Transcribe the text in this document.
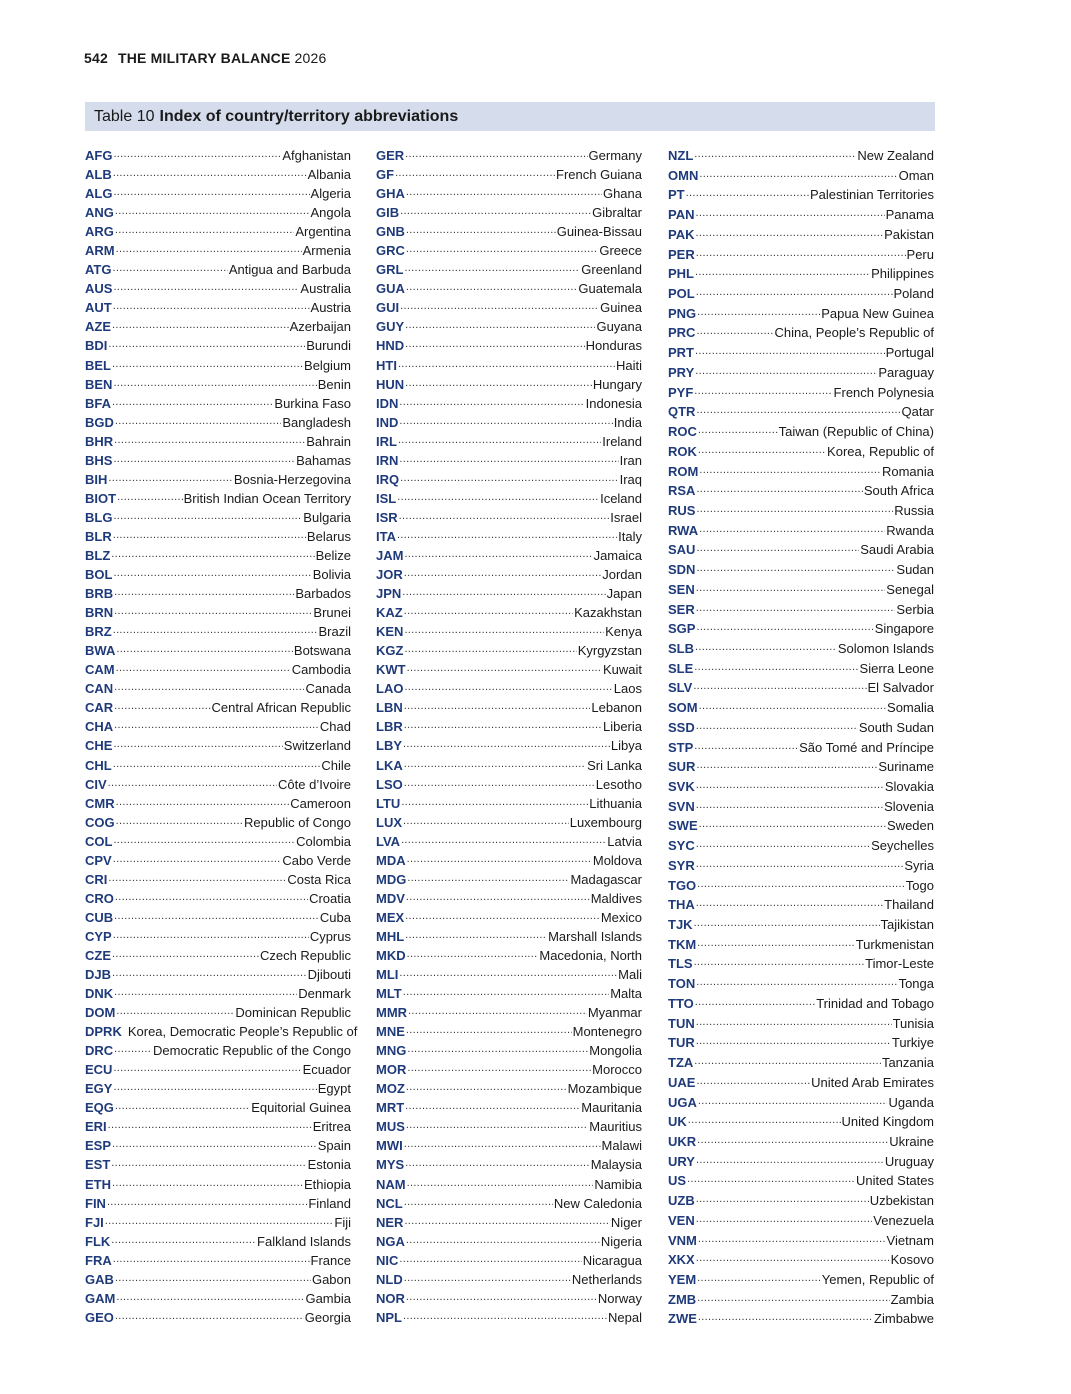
542 THE MILITARY BALANCE 2026
Table 10 Index of country/territory abbreviations
AFG .....	Afghanistan
ALB .....	Albania
ALG .....	Algeria
ANG .....	Angola
ARG .....	Argentina
ARM .....	Armenia
ATG .....	Antigua and Barbuda
AUS .....	Australia
AUT .....	Austria
AZE .....	Azerbaijan
BDI .....	Burundi
BEL .....	Belgium
BEN .....	Benin
BFA .....	Burkina Faso
BGD .....	Bangladesh
BHR .....	Bahrain
BHS .....	Bahamas
BIH .....	Bosnia-Herzegovina
BIOT .....	British Indian Ocean Territory
BLG .....	Bulgaria
BLR .....	Belarus
BLZ .....	Belize
BOL .....	Bolivia
BRB .....	Barbados
BRN .....	Brunei
BRZ .....	Brazil
BWA .....	Botswana
CAM .....	Cambodia
CAN .....	Canada
CAR .....	Central African Republic
CHA .....	Chad
CHE .....	Switzerland
CHL .....	Chile
CIV .....	Côte d’Ivoire
CMR .....	Cameroon
COG .....	Republic of Congo
COL .....	Colombia
CPV .....	Cabo Verde
CRI .....	Costa Rica
CRO .....	Croatia
CUB .....	Cuba
CYP .....	Cyprus
CZE .....	Czech Republic
DJB .....	Djibouti
DNK .....	Denmark
DOM .....	Dominican Republic
DPRK Korea, Democratic People’s Republic of
DRC .....	Democratic Republic of the Congo
ECU .....	Ecuador
EGY .....	Egypt
EQG .....	Equitorial Guinea
ERI .....	Eritrea
ESP .....	Spain
EST .....	Estonia
ETH .....	Ethiopia
FIN .....	Finland
FJI .....	Fiji
FLK .....	Falkland Islands
FRA .....	France
GAB .....	Gabon
GAM .....	Gambia
GEO .....	Georgia
GER .....	Germany
GF .....	French Guiana
GHA .....	Ghana
GIB .....	Gibraltar
GNB .....	Guinea-Bissau
GRC .....	Greece
GRL .....	Greenland
GUA .....	Guatemala
GUI .....	Guinea
GUY .....	Guyana
HND .....	Honduras
HTI .....	Haiti
HUN .....	Hungary
IDN .....	Indonesia
IND .....	India
IRL .....	Ireland
IRN .....	Iran
IRQ .....	Iraq
ISL .....	Iceland
ISR .....	Israel
ITA .....	Italy
JAM .....	Jamaica
JOR .....	Jordan
JPN .....	Japan
KAZ .....	Kazakhstan
KEN .....	Kenya
KGZ .....	Kyrgyzstan
KWT .....	Kuwait
LAO .....	Laos
LBN .....	Lebanon
LBR .....	Liberia
LBY .....	Libya
LKA .....	Sri Lanka
LSO .....	Lesotho
LTU .....	Lithuania
LUX .....	Luxembourg
LVA .....	Latvia
MDA .....	Moldova
MDG .....	Madagascar
MDV .....	Maldives
MEX .....	Mexico
MHL .....	Marshall Islands
MKD .....	Macedonia, North
MLI .....	Mali
MLT .....	Malta
MMR .....	Myanmar
MNE .....	Montenegro
MNG .....	Mongolia
MOR .....	Morocco
MOZ .....	Mozambique
MRT .....	Mauritania
MUS .....	Mauritius
MWI .....	Malawi
MYS .....	Malaysia
NAM .....	Namibia
NCL .....	New Caledonia
NER .....	Niger
NGA .....	Nigeria
NIC .....	Nicaragua
NLD .....	Netherlands
NOR .....	Norway
NPL .....	Nepal
NZL .....	New Zealand
OMN .....	Oman
PT .....	Palestinian Territories
PAN .....	Panama
PAK .....	Pakistan
PER .....	Peru
PHL .....	Philippines
POL .....	Poland
PNG .....	Papua New Guinea
PRC .....	China, People’s Republic of
PRT .....	Portugal
PRY .....	Paraguay
PYF .....	French Polynesia
QTR .....	Qatar
ROC .....	Taiwan (Republic of China)
ROK .....	Korea, Republic of
ROM .....	Romania
RSA .....	South Africa
RUS .....	Russia
RWA .....	Rwanda
SAU .....	Saudi Arabia
SDN .....	Sudan
SEN .....	Senegal
SER .....	Serbia
SGP .....	Singapore
SLB .....	Solomon Islands
SLE .....	Sierra Leone
SLV .....	El Salvador
SOM .....	Somalia
SSD .....	South Sudan
STP .....	São Tomé and Príncipe
SUR .....	Suriname
SVK .....	Slovakia
SVN .....	Slovenia
SWE .....	Sweden
SYC .....	Seychelles
SYR .....	Syria
TGO .....	Togo
THA .....	Thailand
TJK .....	Tajikistan
TKM .....	Turkmenistan
TLS .....	Timor-Leste
TON .....	Tonga
TTO .....	Trinidad and Tobago
TUN .....	Tunisia
TUR .....	Turkiye
TZA .....	Tanzania
UAE .....	United Arab Emirates
UGA .....	Uganda
UK .....	United Kingdom
UKR .....	Ukraine
URY .....	Uruguay
US .....	United States
UZB .....	Uzbekistan
VEN .....	Venezuela
VNM .....	Vietnam
XKX .....	Kosovo
YEM .....	Yemen, Republic of
ZMB .....	Zambia
ZWE .....	Zimbabwe
